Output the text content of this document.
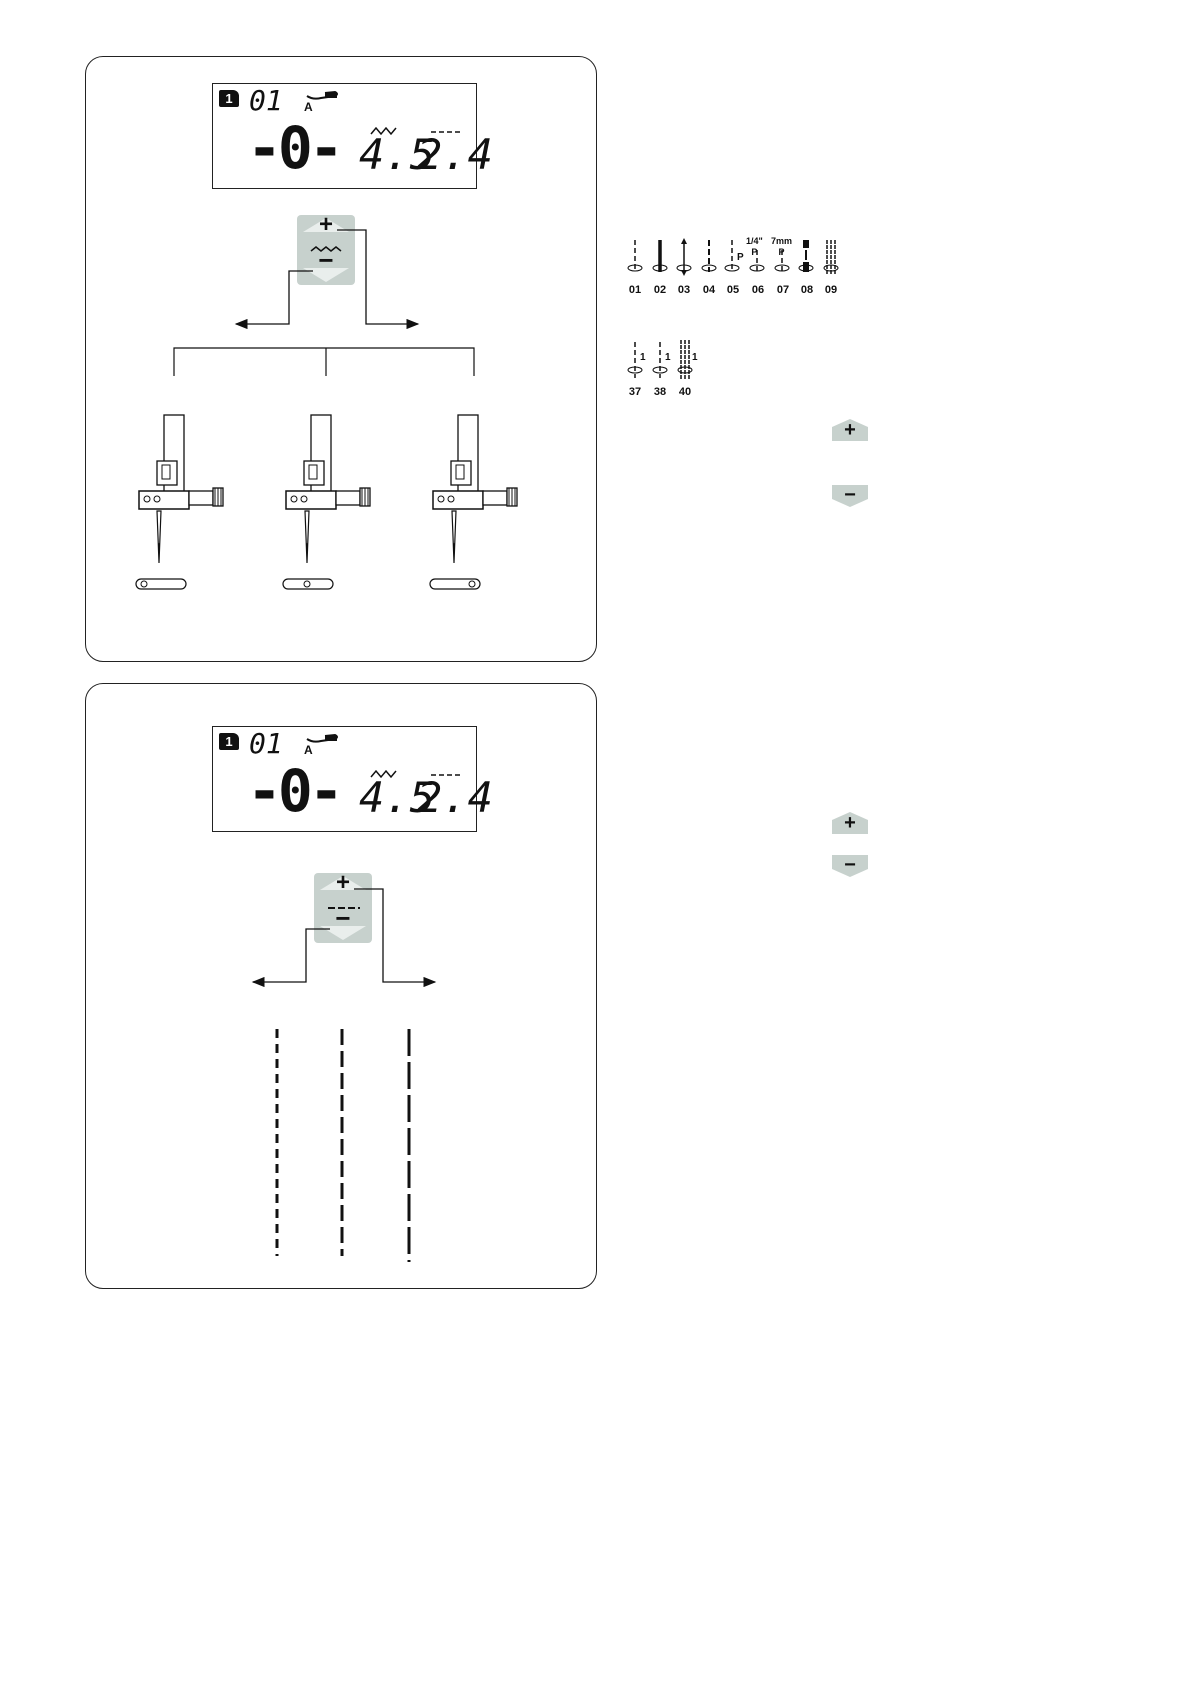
1 01 A
-0- 4.5
2.4
+
−
1 01 A
-0- 4.5
2.4
+
−
P
1/4"
P
7mm
P
01	02	03	04	05	06	07	08	09
1 1 1
37	38	40
+
−
+
−
